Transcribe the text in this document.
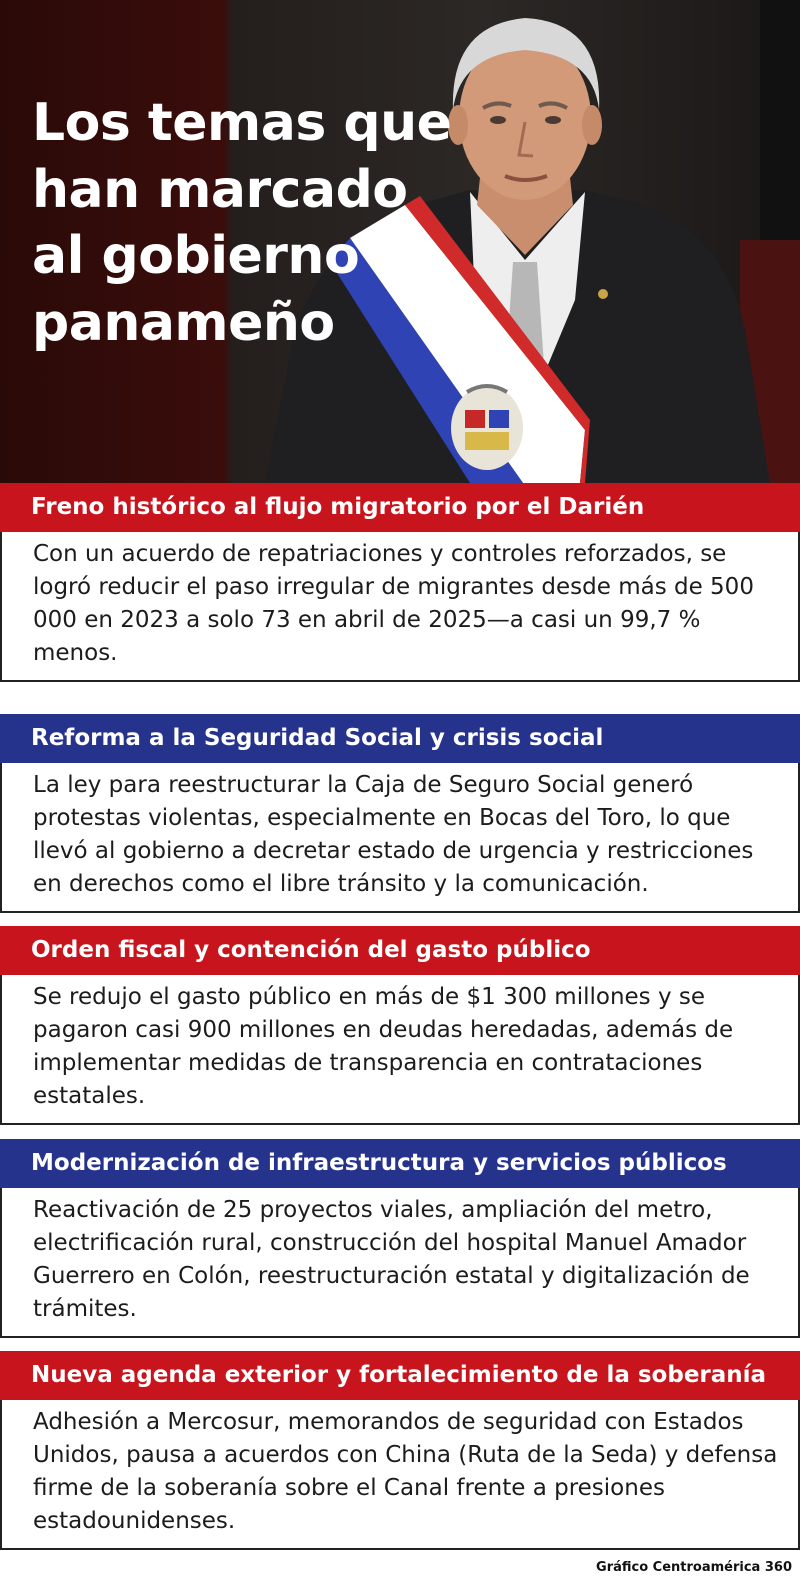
Los temas que
han marcado
al gobierno
panameño
Freno histórico al flujo migratorio por el Darién
Con un acuerdo de repatriaciones y controles reforzados, se logró reducir el paso irregular de migrantes desde más de 500 000 en 2023 a solo 73 en abril de 2025—a casi un 99,7 % menos.
Reforma a la Seguridad Social y crisis social
La ley para reestructurar la Caja de Seguro Social generó protestas violentas, especialmente en Bocas del Toro, lo que llevó al gobierno a decretar estado de urgencia y restricciones en derechos como el libre tránsito y la comunicación.
Orden fiscal y contención del gasto público
Se redujo el gasto público en más de $1 300 millones y se pagaron casi 900 millones en deudas heredadas, además de implementar medidas de transparencia en contrataciones estatales.
Modernización de infraestructura y servicios públicos
Reactivación de 25 proyectos viales, ampliación del metro, electrificación rural, construcción del hospital Manuel Amador Guerrero en Colón, reestructuración estatal y digitalización de trámites.
Nueva agenda exterior y fortalecimiento de la soberanía
Adhesión a Mercosur, memorandos de seguridad con Estados Unidos, pausa a acuerdos con China (Ruta de la Seda) y defensa firme de la soberanía sobre el Canal frente a presiones estadounidenses.
Gráfico Centroamérica 360
